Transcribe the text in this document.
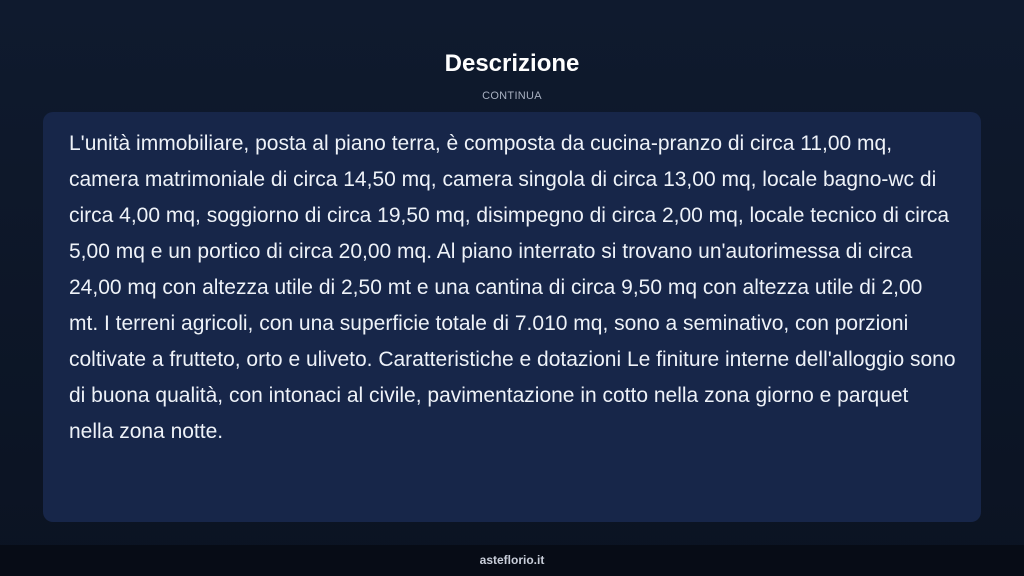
Descrizione
CONTINUA

L'unità immobiliare, posta al piano terra, è composta da cucina-pranzo di circa 11,00 mq, camera matrimoniale di circa 14,50 mq, camera singola di circa 13,00 mq, locale bagno-wc di circa 4,00 mq, soggiorno di circa 19,50 mq, disimpegno di circa 2,00 mq, locale tecnico di circa 5,00 mq e un portico di circa 20,00 mq. Al piano interrato si trovano un'autorimessa di circa 24,00 mq con altezza utile di 2,50 mt e una cantina di circa 9,50 mq con altezza utile di 2,00 mt. I terreni agricoli, con una superficie totale di 7.010 mq, sono a seminativo, con porzioni coltivate a frutteto, orto e uliveto. Caratteristiche e dotazioni Le finiture interne dell'alloggio sono di buona qualità, con intonaci al civile, pavimentazione in cotto nella zona giorno e parquet nella zona notte.

asteflorio.it
